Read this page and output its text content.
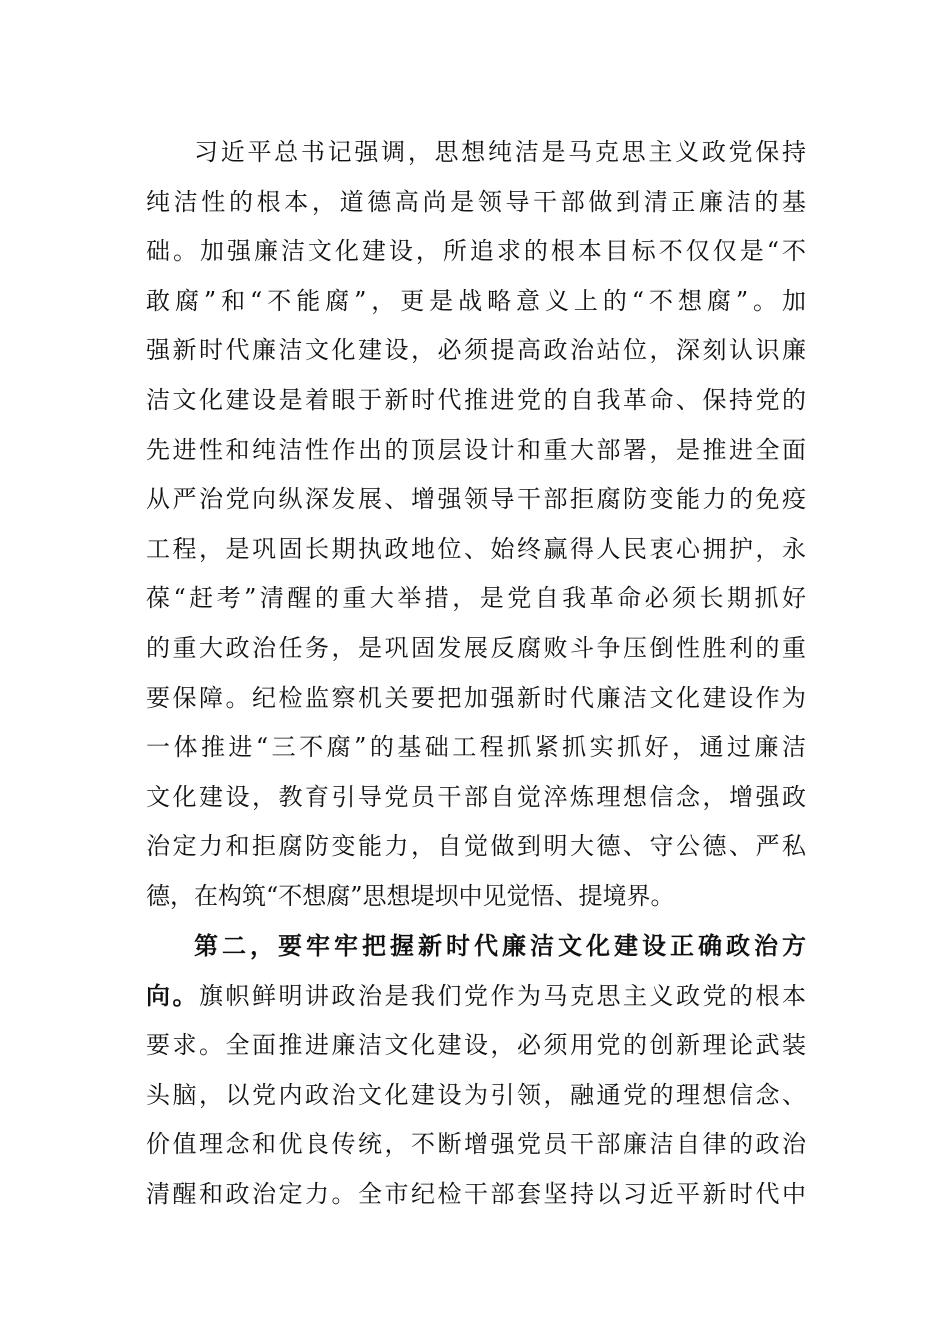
习近平总书记强调，思想纯洁是马克思主义政党保持
纯洁性的根本，道德高尚是领导干部做到清正廉洁的基
础。加强廉洁文化建设，所追求的根本目标不仅仅是“不
敢腐”和“不能腐”，更是战略意义上的“不想腐”。加
强新时代廉洁文化建设，必须提高政治站位，深刻认识廉
洁文化建设是着眼于新时代推进党的自我革命、保持党的
先进性和纯洁性作出的顶层设计和重大部署，是推进全面
从严治党向纵深发展、增强领导干部拒腐防变能力的免疫
工程，是巩固长期执政地位、始终赢得人民衷心拥护，永
葆“赶考”清醒的重大举措，是党自我革命必须长期抓好
的重大政治任务，是巩固发展反腐败斗争压倒性胜利的重
要保障。纪检监察机关要把加强新时代廉洁文化建设作为
一体推进“三不腐”的基础工程抓紧抓实抓好，通过廉洁
文化建设，教育引导党员干部自觉淬炼理想信念，增强政
治定力和拒腐防变能力，自觉做到明大德、守公德、严私
德，在构筑“不想腐”思想堤坝中见觉悟、提境界。
第二，要牢牢把握新时代廉洁文化建设正确政治方
向。旗帜鲜明讲政治是我们党作为马克思主义政党的根本
要求。全面推进廉洁文化建设，必须用党的创新理论武装
头脑，以党内政治文化建设为引领，融通党的理想信念、
价值理念和优良传统，不断增强党员干部廉洁自律的政治
清醒和政治定力。全市纪检干部套坚持以习近平新时代中
